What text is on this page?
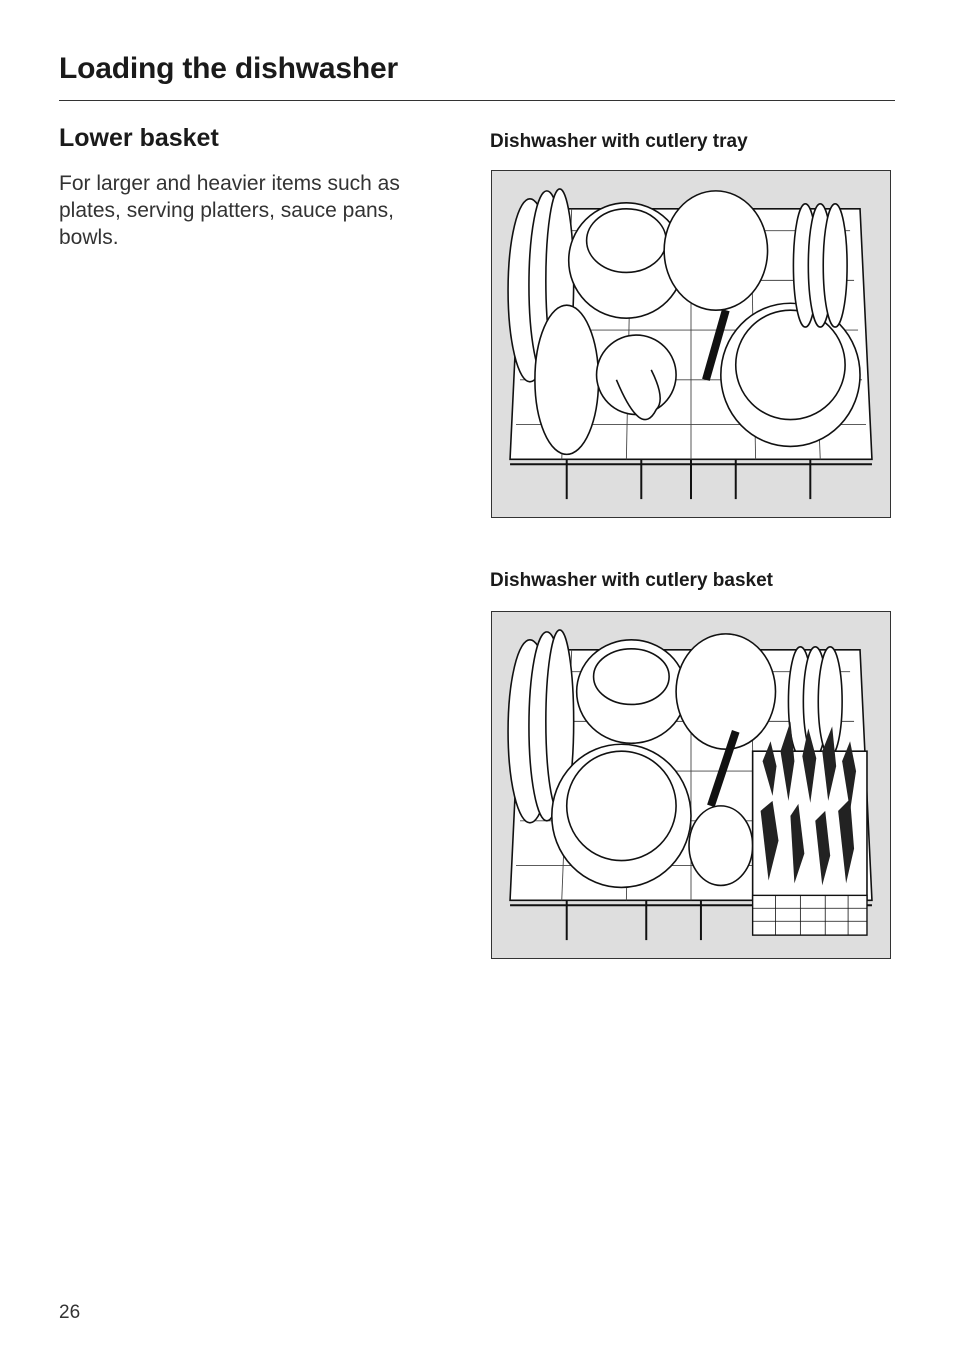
Loading the dishwasher
Lower basket

For larger and heavier items such as plates, serving platters, sauce pans, bowls.

Dishwasher with cutlery tray
Dishwasher with cutlery basket

26
